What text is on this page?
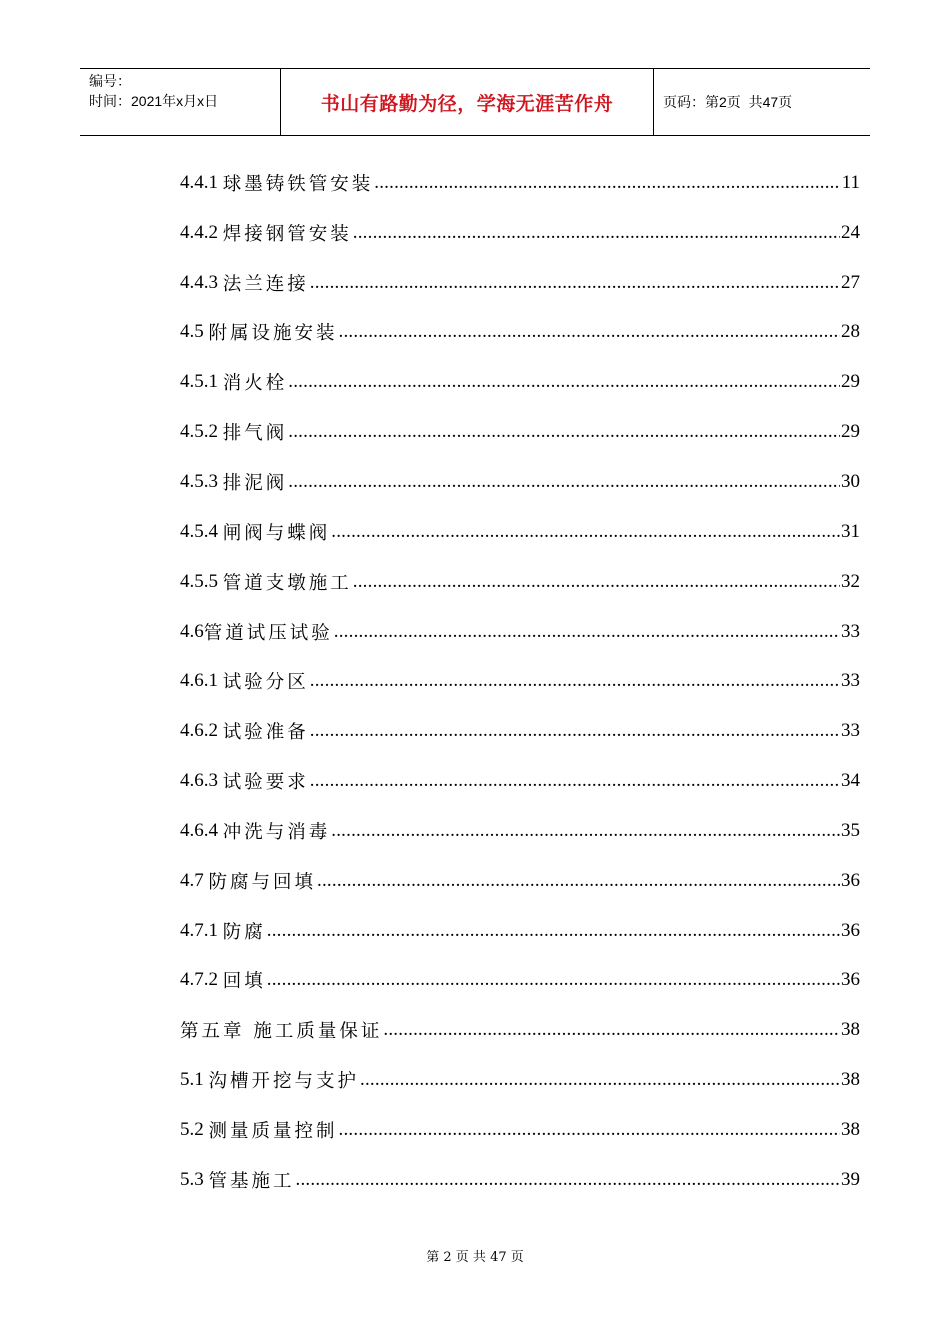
编号：
时间：2021年x月x日	书山有路勤为径，学海无涯苦作舟	页码：第 2 页  共 47 页
4.4.1 球墨铸铁管安装 .....	11
4.4.2 焊接钢管安装 .....	24
4.4.3 法兰连接 .....	27
4.5 附属设施安装 .....	28
4.5.1 消火栓 .....	29
4.5.2 排气阀 .....	29
4.5.3 排泥阀 .....	30
4.5.4 闸阀与蝶阀 .....	31
4.5.5 管道支墩施工 .....	32
4.6 管道试压试验 .....	33
4.6.1 试验分区 .....	33
4.6.2 试验准备 .....	33
4.6.3 试验要求 .....	34
4.6.4 冲洗与消毒 .....	35
4.7 防腐与回填 .....	36
4.7.1 防腐 .....	36
4.7.2 回填 .....	36
第五章 施工质量保证 .....	38
5.1 沟槽开挖与支护 .....	38
5.2 测量质量控制 .....	38
5.3 管基施工 .....	39
第 2 页 共 47 页
